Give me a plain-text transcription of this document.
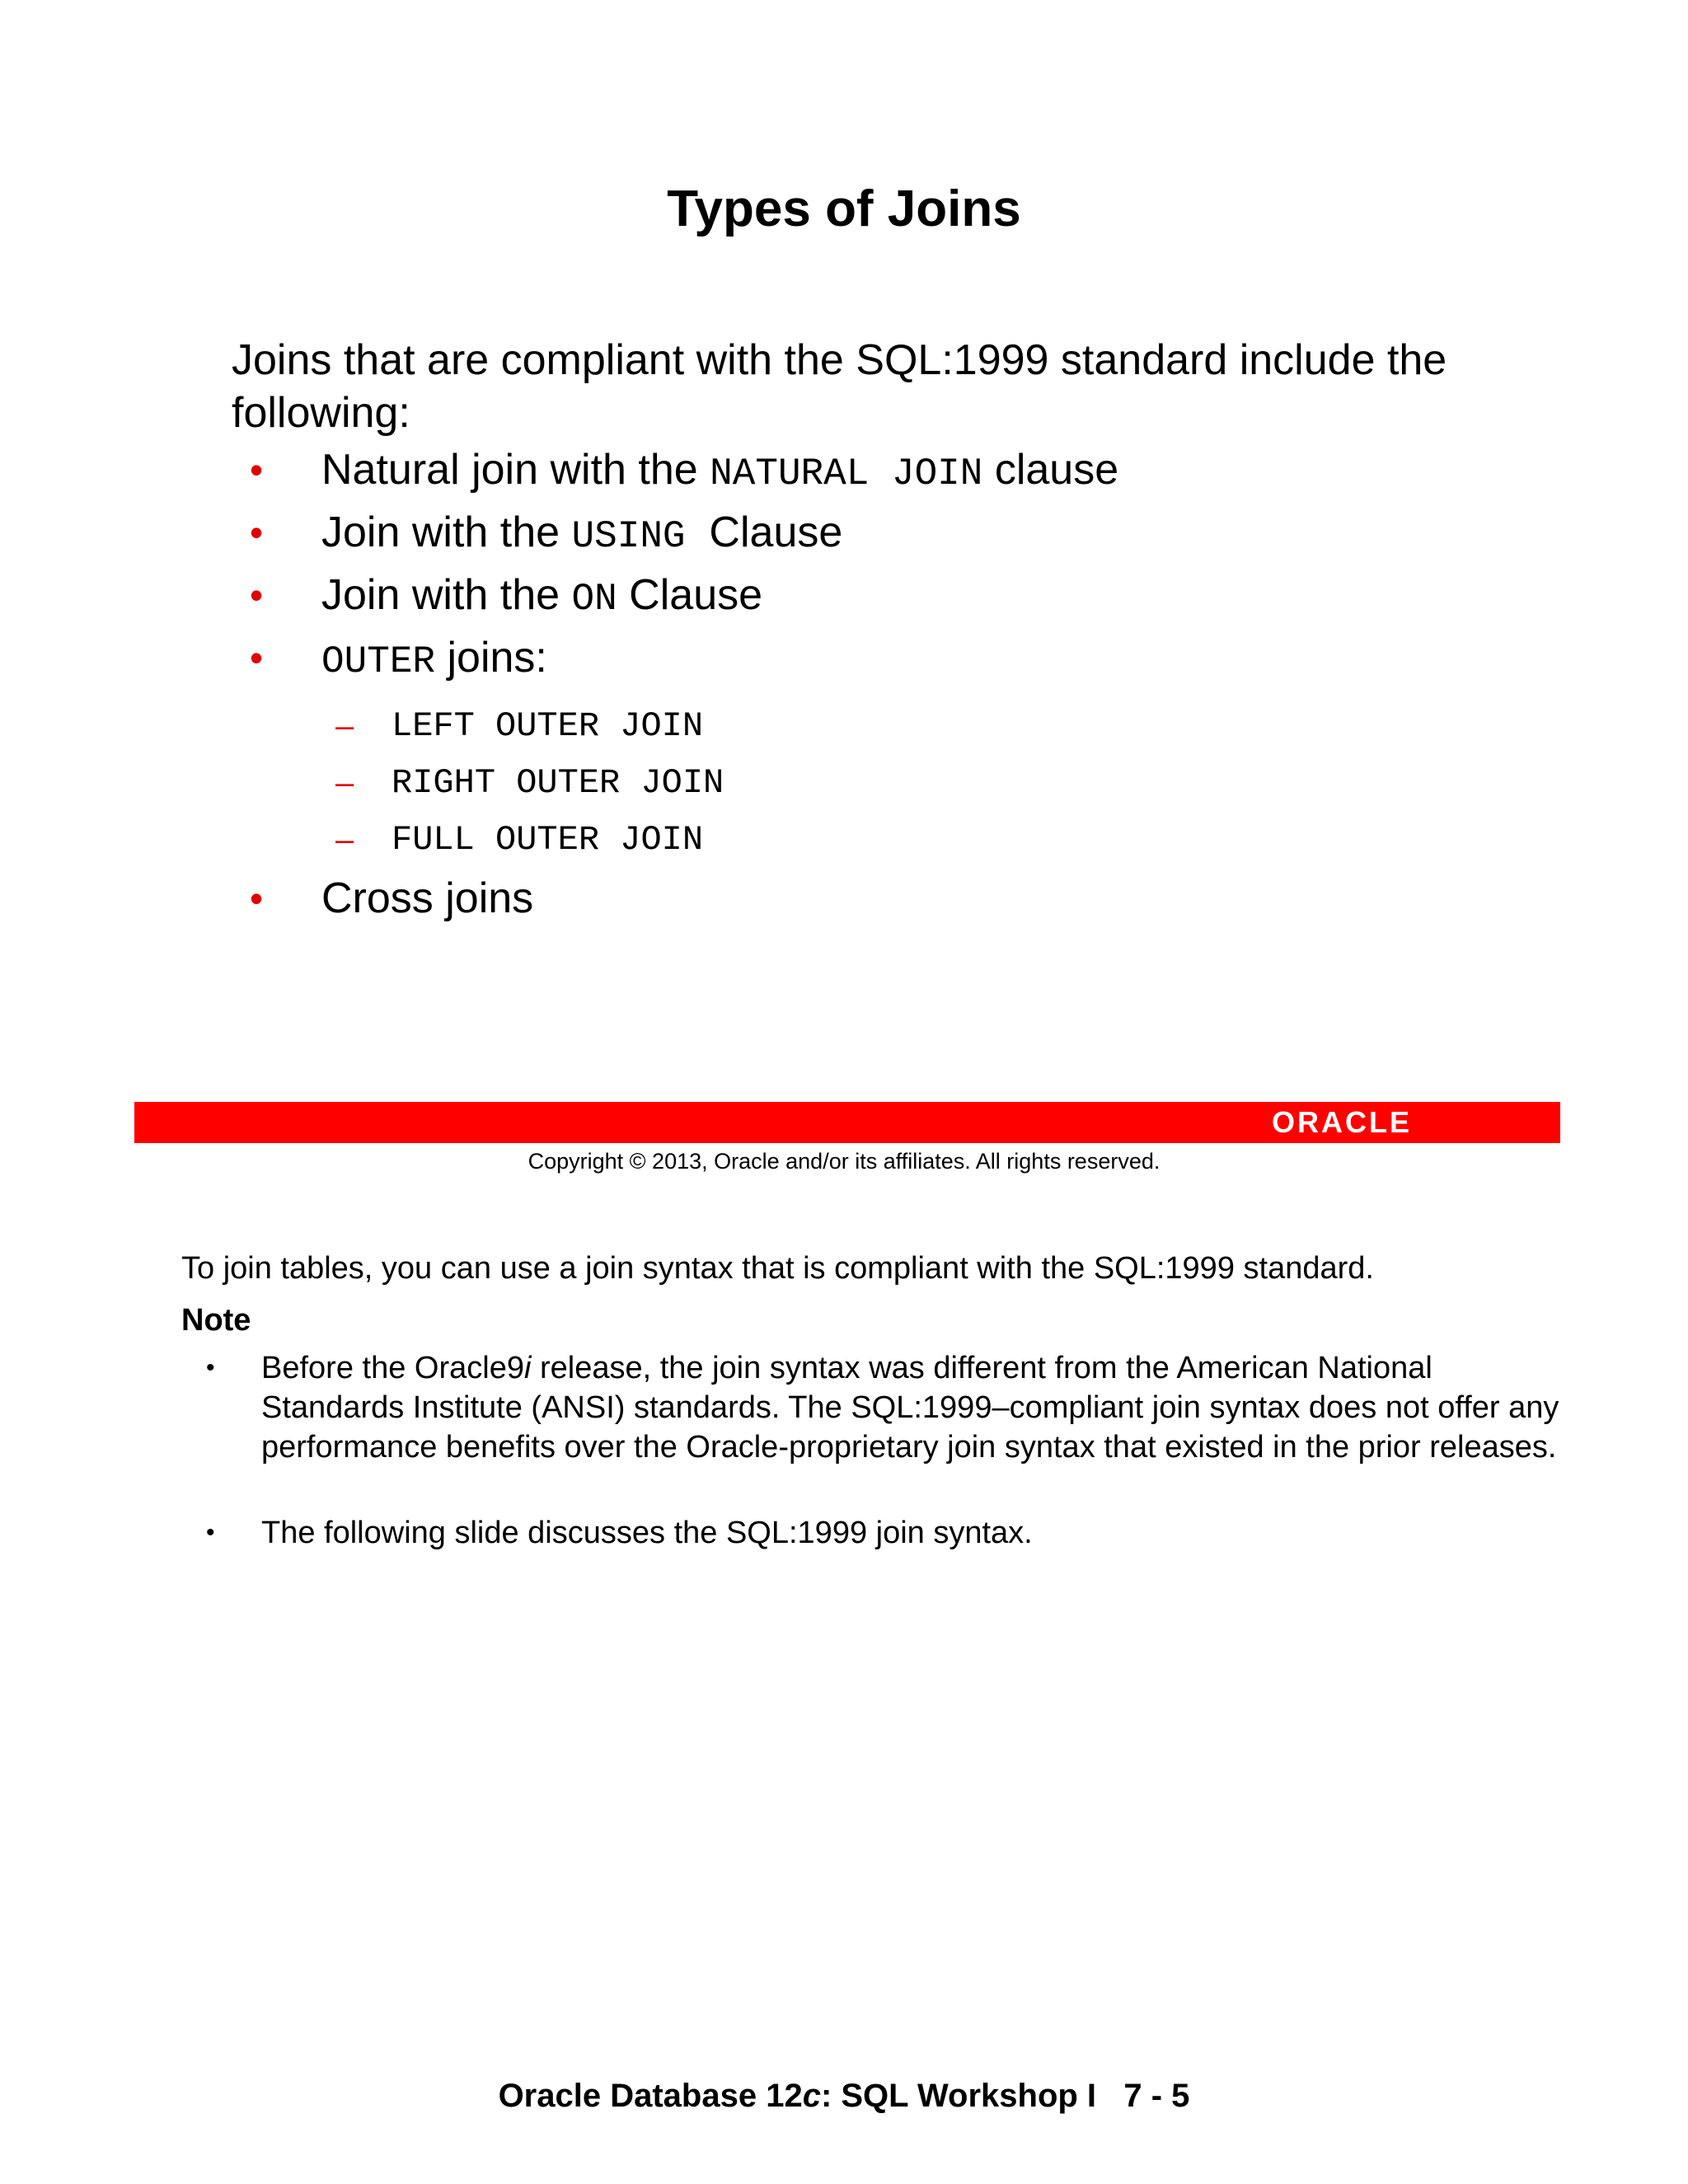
Types of Joins

Joins that are compliant with the SQL:1999 standard include the following:

• Natural join with the NATURAL JOIN clause
• Join with the USING  Clause
• Join with the ON Clause
• OUTER joins:
• Cross joins
– LEFT OUTER JOIN
– RIGHT OUTER JOIN
– FULL OUTER JOIN
ORACLE
Copyright © 2013, Oracle and/or its affiliates. All rights reserved.
To join tables, you can use a join syntax that is compliant with the SQL:1999 standard.
Note
• Before the Oracle9i release, the join syntax was different from the American National Standards Institute (ANSI) standards. The SQL:1999–compliant join syntax does not offer any performance benefits over the Oracle-proprietary join syntax that existed in the prior releases.
• The following slide discusses the SQL:1999 join syntax.
Oracle Database 12c: SQL Workshop I   7 - 5
